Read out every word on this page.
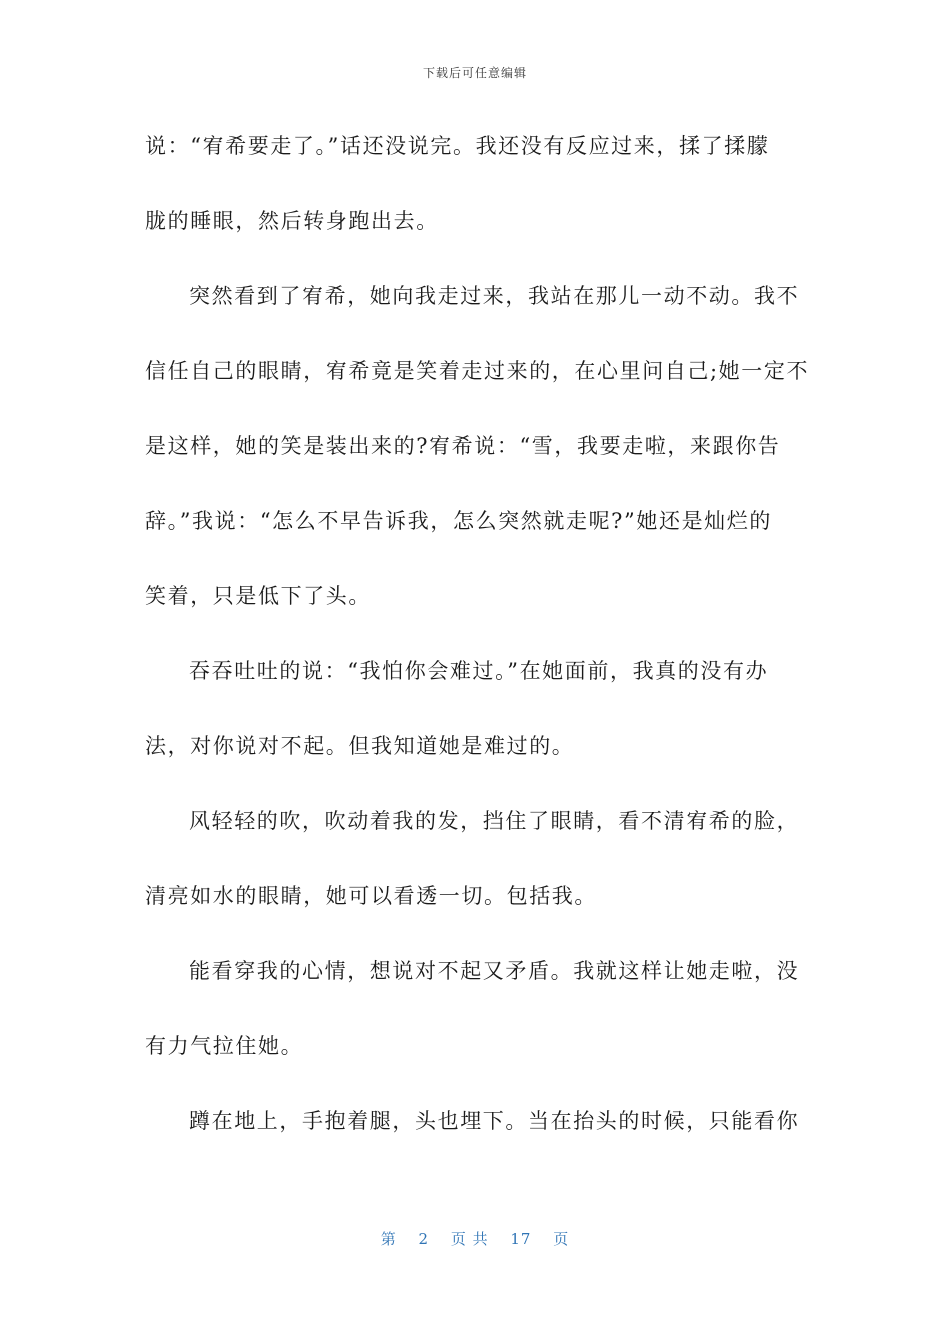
下载后可任意编辑
说：“宥希要走了。”话还没说完。我还没有反应过来，揉了揉朦
胧的睡眼，然后转身跑出去。
突然看到了宥希，她向我走过来，我站在那儿一动不动。我不
信任自己的眼睛，宥希竟是笑着走过来的，在心里问自己;她一定不
是这样，她的笑是装出来的?宥希说：“雪，我要走啦，来跟你告
辞。”我说：“怎么不早告诉我，怎么突然就走呢?”她还是灿烂的
笑着，只是低下了头。
吞吞吐吐的说：“我怕你会难过。”在她面前，我真的没有办
法，对你说对不起。但我知道她是难过的。
风轻轻的吹，吹动着我的发，挡住了眼睛，看不清宥希的脸，
清亮如水的眼睛，她可以看透一切。包括我。
能看穿我的心情，想说对不起又矛盾。我就这样让她走啦，没
有力气拉住她。
蹲在地上，手抱着腿，头也埋下。当在抬头的时候，只能看你
第 2 页 共 17 页
